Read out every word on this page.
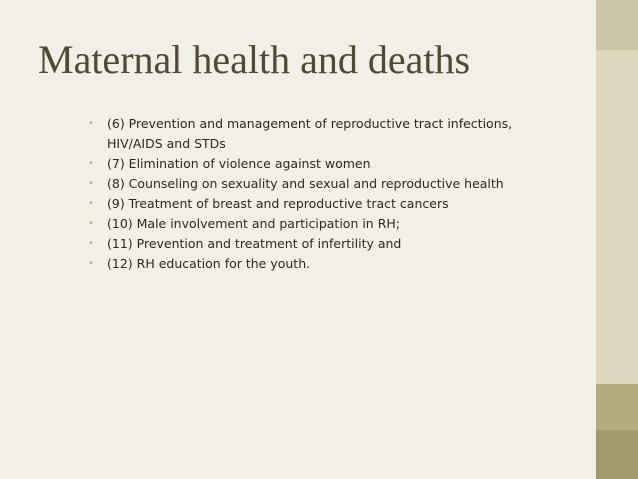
Maternal health and deaths
•
(6) Prevention and management of reproductive tract infections,
HIV/AIDS and STDs
•
(7) Elimination of violence against women
•
(8) Counseling on sexuality and sexual and reproductive health
•
(9) Treatment of breast and reproductive tract cancers
•
(10) Male involvement and participation in RH;
•
(11) Prevention and treatment of infertility and
•
(12) RH education for the youth.
